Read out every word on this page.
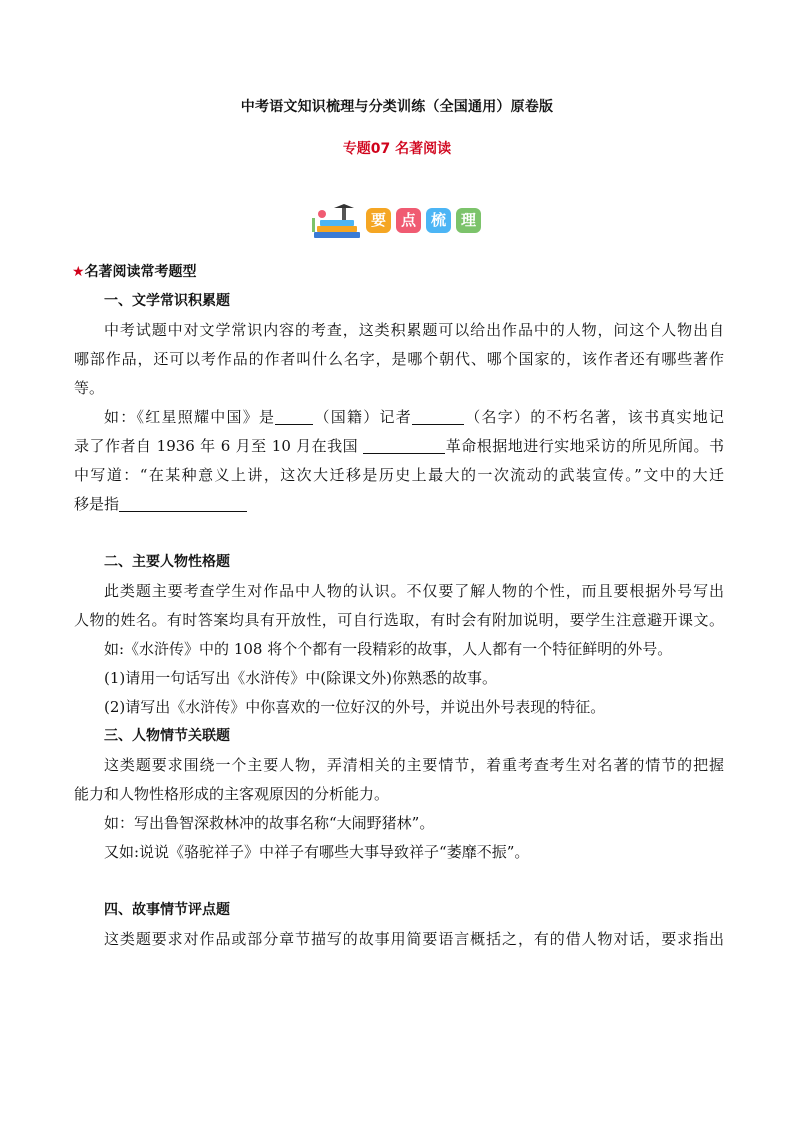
中考语文知识梳理与分类训练（全国通用）原卷版
专题07 名著阅读
要 点 梳 理
★名著阅读常考题型
一、文学常识积累题
中考试题中对文学常识内容的考查，这类积累题可以给出作品中的人物，问这个人物出自
哪部作品，还可以考作品的作者叫什么名字，是哪个朝代、哪个国家的，该作者还有哪些著作
等。
如：《红星照耀中国》是	（国籍）记者	（名字）的不朽名著，该书真实地记
录了作者自 1936 年 6 月至 10 月在我国	革命根据地进行实地采访的所见所闻。书
中写道：“在某种意义上讲，这次大迁移是历史上最大的一次流动的武装宣传。”文中的大迁
移是指
二、主要人物性格题
此类题主要考查学生对作品中人物的认识。不仅要了解人物的个性，而且要根据外号写出
人物的姓名。有时答案均具有开放性，可自行选取，有时会有附加说明，要学生注意避开课文。
如:《水浒传》中的 108 将个个都有一段精彩的故事，人人都有一个特征鲜明的外号。
(1)请用一句话写出《水浒传》中(除课文外)你熟悉的故事。
(2)请写出《水浒传》中你喜欢的一位好汉的外号，并说出外号表现的特征。
三、人物情节关联题
这类题要求围绕一个主要人物，弄清相关的主要情节，着重考查考生对名著的情节的把握
能力和人物性格形成的主客观原因的分析能力。
如：写出鲁智深救林冲的故事名称“大闹野猪林”。
又如:说说《骆驼祥子》中祥子有哪些大事导致祥子“萎靡不振”。
四、故事情节评点题
这类题要求对作品或部分章节描写的故事用简要语言概括之，有的借人物对话，要求指出
